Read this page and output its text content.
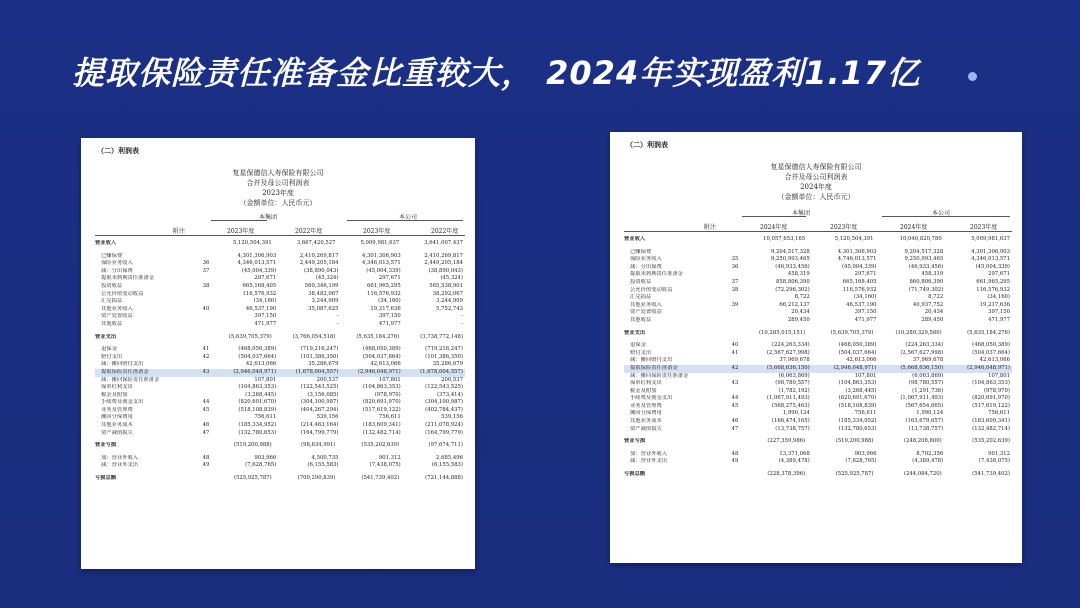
提取保险责任准备金比重较大， 2024年实现盈利1.17亿
（二）利润表
复星保德信人寿保险有限公司
合并及母公司利润表
2023年度
（金额单位：人民币元）
本集团	本公司
附注	2023年度	2022年度	2023年度	2022年度
营业收入	5,120,504,391	3,667,420,527	5,009,981,637	3,641,007,437
已赚保费	4,301,306,903	2,410,269,817	4,301,306,903	2,410,269,817
保险业务收入	36	4,346,013,571	2,449,205,184	4,346,013,571	2,449,205,184
减：分出保费	37	(45,004,339)	(38,890,043)	(45,004,339)	(38,890,043)
提取未到期责任准备金	297,671	(45,324)	297,671	(45,324)
投资收益	38	665,168,405	560,346,199	661,965,295	565,538,901
公允价值变动收益	116,576,932	38,482,067	116,576,932	38,292,067
汇兑损益	(34,160)	3,244,909	(34,160)	3,244,909
其他业务收入	40	46,537,190	35,087,625	19,217,636	5,752,743
资产处置收益	397,150	-	397,150	-
其他收益	471,977	-	471,977	-
营业支出	(5,639,705,379)	(3,766,054,518)	(5,635,184,276)	(3,738,772,148)
退保金	41	(468,050,389)	(719,216,247)	(468,050,389)	(719,216,247)
赔付支出	42	(504,037,664)	(101,386,350)	(504,037,664)	(101,386,350)
减：摊回赔付支出	42,613,066	35,286,679	42,613,066	35,286,679
提取保险责任准备金	43	(2,946,048,971)	(1,678,004,557)	(2,946,048,971)	(1,678,004,557)
减：摊回保险责任准备金	107,801	200,537	107,801	200,537
保单红利支出	(104,863,353)	(122,543,525)	(104,863,353)	(122,543,525)
税金及附加	(3,268,445)	(3,156,085)	(978,970)	(373,414)
手续费及佣金支出	44	(820,691,670)	(304,100,987)	(820,691,970)	(304,100,987)
业务及管理费	45	(518,108,839)	(404,267,294)	(517,619,122)	(402,784,437)
摊回分保费用	756,611	539,156	756,611	539,156
其他业务成本	46	(185,334,952)	(214,463,164)	(183,609,341)	(211,078,924)
资产减值损失	47	(132,780,653)	(164,799,779)	(132,482,714)	(164,799,779)
营业亏损	(519,200,988)	(98,634,991)	(535,202,639)	(97,674,711)
加：营业外收入	48	903,966	4,500,735	901,312	2,685,496
减：营业外支出	49	(7,628,765)	(6,155,583)	(7,438,075)	(6,155,583)
亏损总额	(525,925,787)	(700,290,839)	(541,739,402)	(721,144,888)
（二）利润表
复星保德信人寿保险有限公司
合并及母公司利润表
2024年度
（金额单位：人民币元）
本集团	本公司
附注	2024年度	2023年度	2024年度	2023年度
营业收入	10,057,653,165	5,120,504,391	10,040,820,780	5,009,981,637
已赚保费	9,204,517,328	4,301,306,903	9,204,517,328	4,301,306,903
保险业务收入	35	9,250,993,465	4,746,013,571	9,250,993,465	4,346,013,571
减：分出保费	36	(46,933,456)	(45,004,339)	(46,933,456)	(45,004,339)
提取未到期责任准备金	458,319	297,671	458,319	297,671
投资收益	37	858,806,390	665,168,405	860,806,390	661,965,295
公允价值变动收益	38	(72,296,302)	116,576,932	(71,749,302)	116,576,932
汇兑损益	8,722	(34,160)	8,722	(34,160)
其他业务收入	39	66,212,137	46,537,190	40,937,752	19,217,636
资产处置收益	20,434	397,150	20,434	397,150
其他收益	289,450	471,977	289,450	471,977
营业支出	(10,285,015,151)	(5,639,705,379)	(10,289,329,580)	(5,635,184,276)
退保金	40	(224,263,334)	(468,050,389)	(224,263,334)	(468,050,389)
赔付支出	41	(2,567,627,998)	(504,037,664)	(2,567,627,998)	(504,037,664)
减：摊回赔付支出	37,969,678	42,613,066	37,969,678	42,613,066
提取保险责任准备金	42	(5,668,636,150)	(2,946,048,971)	(5,668,636,150)	(2,946,048,971)
减：摊回保险责任准备金	(6,063,869)	107,801	(6,063,869)	107,801
保单红利支出	43	(98,780,557)	(104,863,353)	(98,780,557)	(104,863,353)
税金及附加	(1,782,192)	(3,268,445)	(1,291,736)	(978,970)
手续费及佣金支出	44	(1,067,911,493)	(820,691,670)	(1,067,911,493)	(820,691,970)
业务及管理费	45	(568,275,463)	(518,108,839)	(567,654,665)	(517,619,122)
摊回分保费用	1,990,124	756,611	1,990,124	756,611
其他业务成本	46	(166,474,165)	(185,334,952)	(163,679,657)	(183,609,341)
资产减值损失	47	(13,738,757)	(132,780,653)	(13,738,757)	(132,482,714)
营业亏损	(227,359,986)	(519,200,988)	(248,208,800)	(535,202,639)
加：营业外收入	48	13,371,068	903,966	8,702,356	901,312
减：营业外支出	49	(4,389,478)	(7,628,765)	(4,389,478)	(7,438,075)
亏损总额	(228,378,396)	(525,925,787)	(244,084,720)	(541,739,402)
